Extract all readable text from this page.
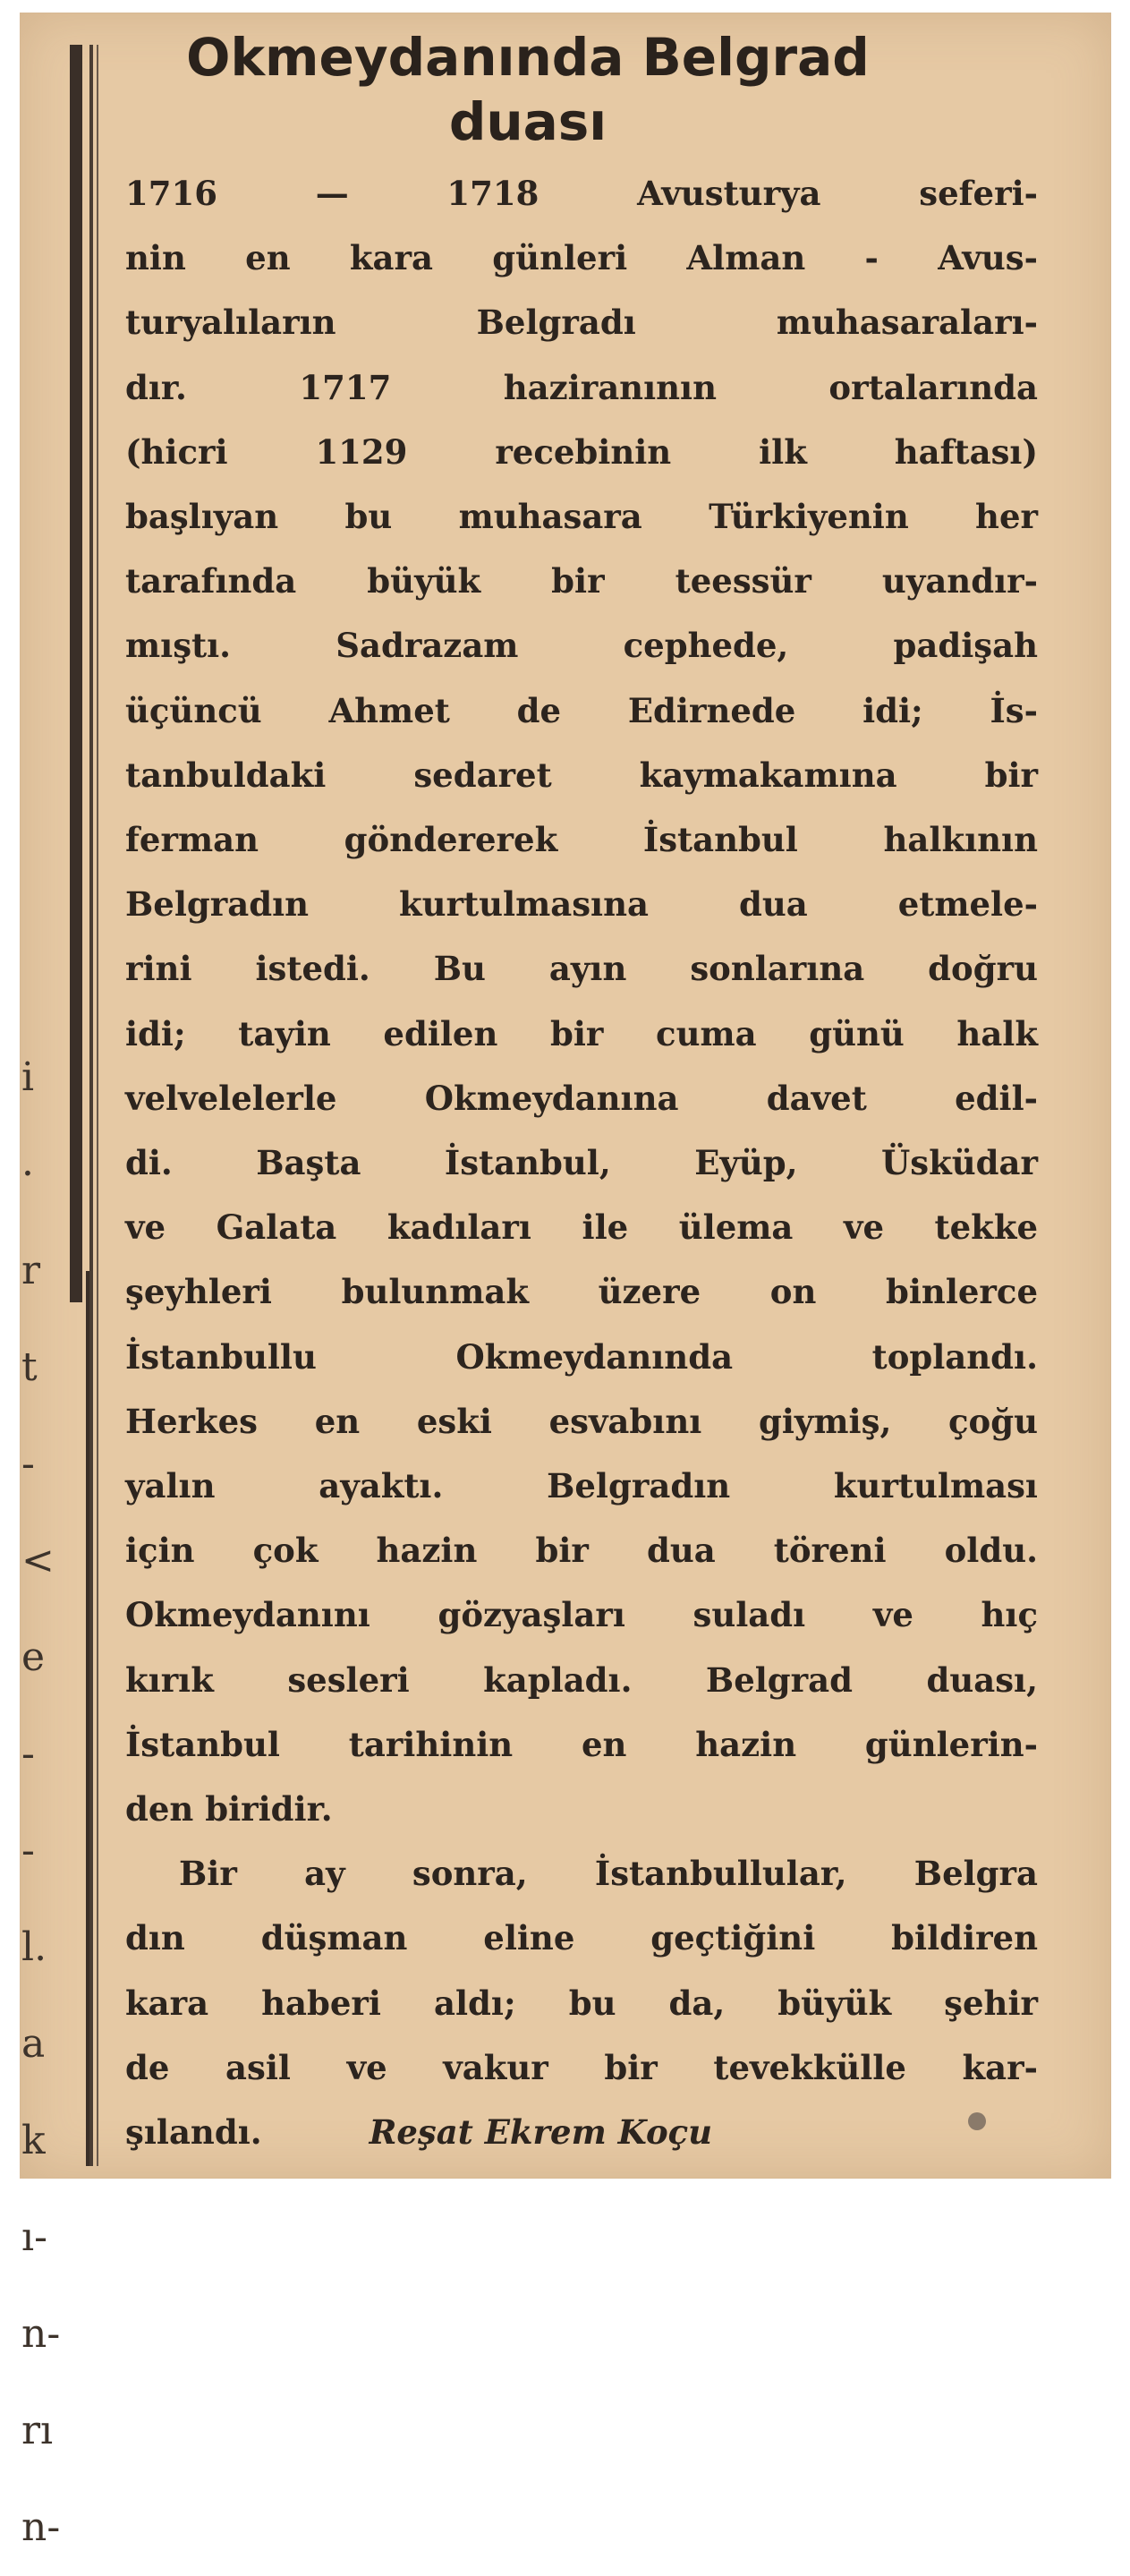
i
·
r
t
-
<
e
-
-
l.
a
k
ı-
n-
rı
n-
Okmeydanında Belgrad
duası
1716 — 1718 Avusturya seferi-
nin en kara günleri Alman - Avus-
turyalıların Belgradı muhasaraları-
dır. 1717 haziranının ortalarında
(hicri 1129 recebinin ilk haftası)
başlıyan bu muhasara Türkiyenin her
tarafında büyük bir teessür uyandır-
mıştı. Sadrazam cephede, padişah
üçüncü Ahmet de Edirnede idi; İs-
tanbuldaki sedaret kaymakamına bir
ferman göndererek İstanbul halkının
Belgradın kurtulmasına dua etmele-
rini istedi. Bu ayın sonlarına doğru
idi; tayin edilen bir cuma günü halk
velvelelerle Okmeydanına davet edil-
di. Başta İstanbul, Eyüp, Üsküdar
ve Galata kadıları ile ülema ve tekke
şeyhleri bulunmak üzere on binlerce
İstanbullu Okmeydanında toplandı.
Herkes en eski esvabını giymiş, çoğu
yalın ayaktı. Belgradın kurtulması
için çok hazin bir dua töreni oldu.
Okmeydanını gözyaşları suladı ve hıç
kırık sesleri kapladı. Belgrad duası,
İstanbul tarihinin en hazin günlerin-
den biridir.
Bir ay sonra, İstanbullular, Belgra
dın düşman eline geçtiğini bildiren
kara haberi aldı; bu da, büyük şehir
de asil ve vakur bir tevekkülle kar-
şılandı.	Reşat Ekrem Koçu
